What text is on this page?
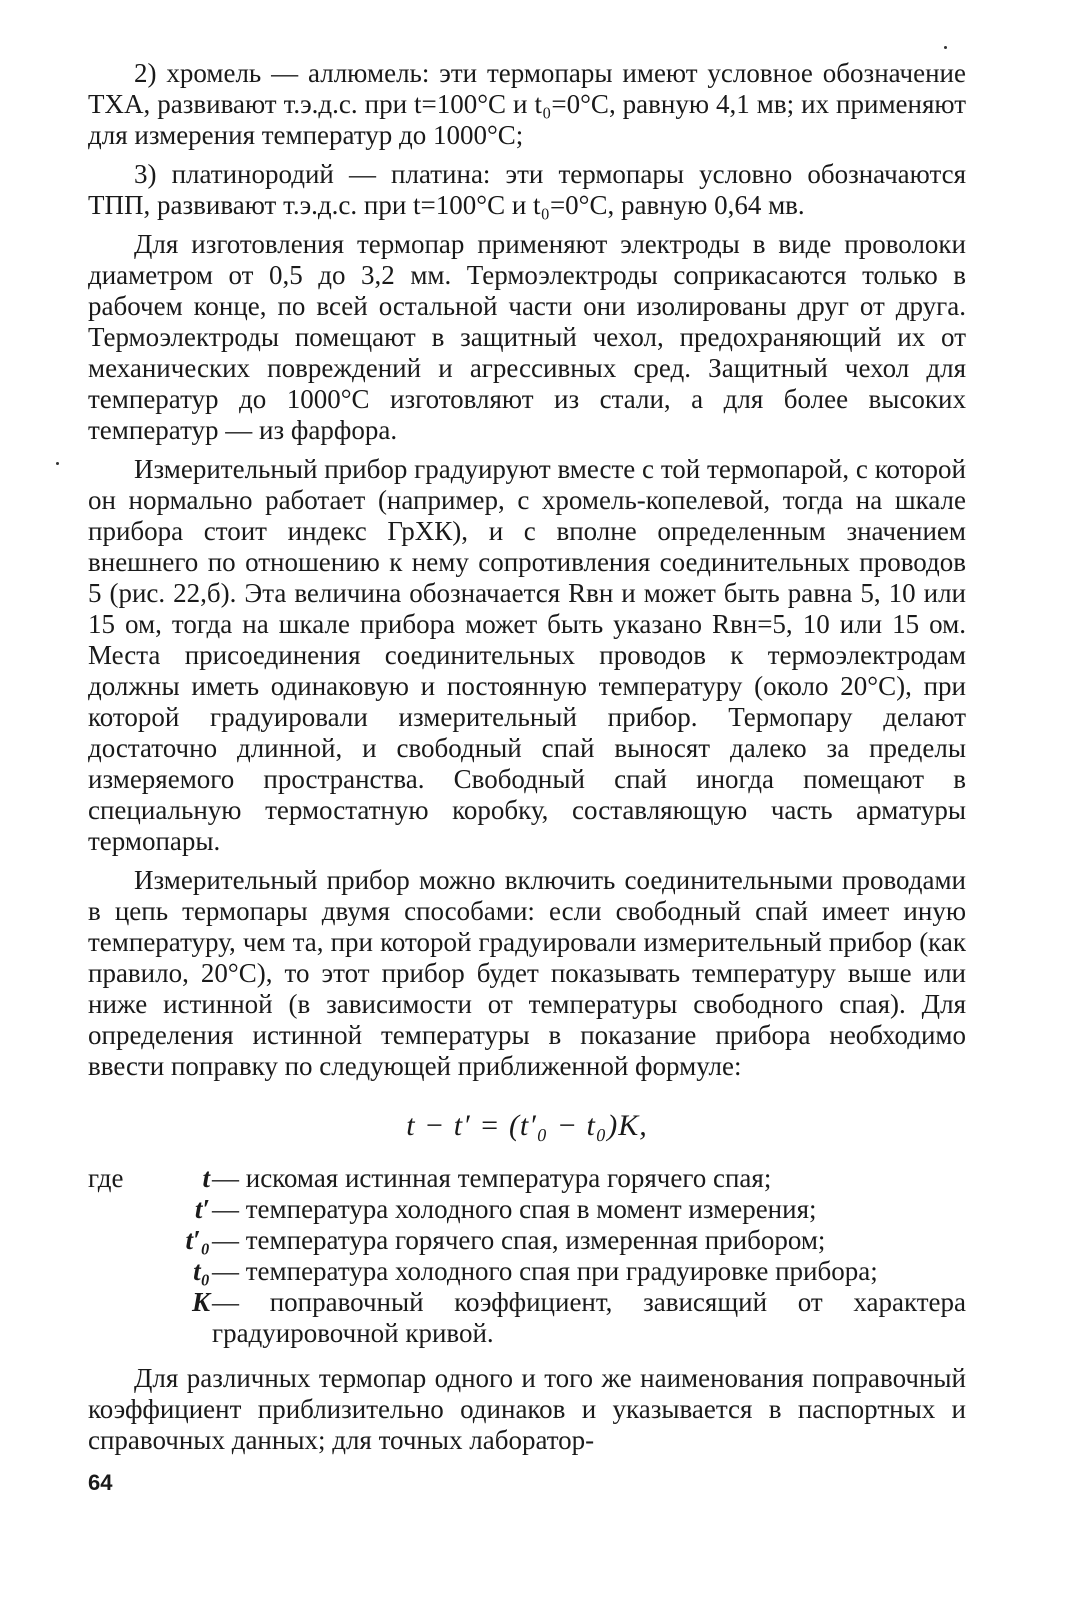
2) хромель — аллюмель: эти термопары имеют условное обозначение ТХА, развивают т.э.д.с. при t=100°С и t₀=0°С, равную 4,1 мв; их применяют для измерения температур до 1000°С;

3) платинородий — платина: эти термопары условно обозначаются ТПП, развивают т.э.д.с. при t=100°С и t₀=0°С, равную 0,64 мв.

Для изготовления термопар применяют электроды в виде проволоки диаметром от 0,5 до 3,2 мм. Термоэлектроды соприкасаются только в рабочем конце, по всей остальной части они изолированы друг от друга. Термоэлектроды помещают в защитный чехол, предохраняющий их от механических повреждений и агрессивных сред. Защитный чехол для температур до 1000°С изготовляют из стали, а для более высоких температур — из фарфора.

Измерительный прибор градуируют вместе с той термопарой, с которой он нормально работает (например, с хромель-копелевой, тогда на шкале прибора стоит индекс ГрХК), и с вполне определенным значением внешнего по отношению к нему сопротивления соединительных проводов 5 (рис. 22,б). Эта величина обозначается Rвн и может быть равна 5, 10 или 15 ом, тогда на шкале прибора может быть указано Rвн=5, 10 или 15 ом. Места присоединения соединительных проводов к термоэлектродам должны иметь одинаковую и постоянную температуру (около 20°С), при которой градуировали измерительный прибор. Термопару делают достаточно длинной, и свободный спай выносят далеко за пределы измеряемого пространства. Свободный спай иногда помещают в специальную термостатную коробку, составляющую часть арматуры термопары.

Измерительный прибор можно включить соединительными проводами в цепь термопары двумя способами: если свободный спай имеет иную температуру, чем та, при которой градуировали измерительный прибор (как правило, 20°С), то этот прибор будет показывать температуру выше или ниже истинной (в зависимости от температуры свободного спая). Для определения истинной температуры в показание прибора необходимо ввести поправку по следующей приближенной формуле:

t − t′ = (t′₀ − t₀)K,
где	t — искомая истинная температура горячего спая;
t′ — температура холодного спая в момент измерения;
t′₀ — температура горячего спая, измеренная прибором;
t₀ — температура холодного спая при градуировке прибора;
K — поправочный коэффициент, зависящий от характера градуировочной кривой.

Для различных термопар одного и того же наименования поправочный коэффициент приблизительно одинаков и указывается в паспортных и справочных данных; для точных лаборатор-

64
